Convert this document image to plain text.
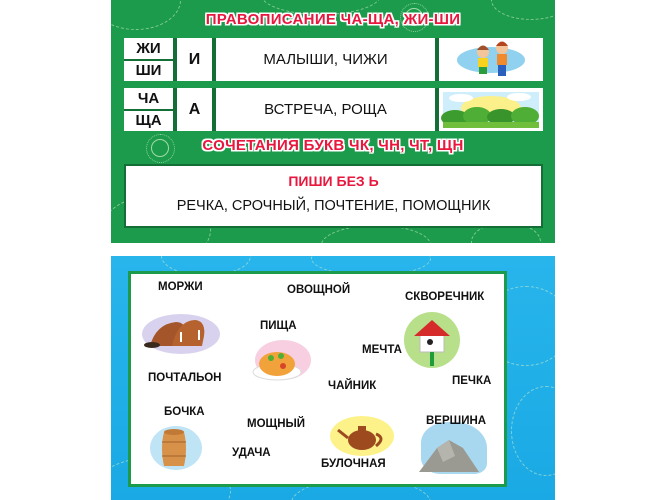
ПРАВОПИСАНИЕ ЧА-ЩА, ЖИ-ШИ
СОЧЕТАНИЯ БУКВ ЧК, ЧН, ЧТ, ЩН
ЖИ
ШИ
И	МАЛЫШИ, ЧИЖИ
ЧА
ЩА
А	ВСТРЕЧА, РОЩА
ПИШИ БЕЗ Ь
РЕЧКА, СРОЧНЫЙ, ПОЧТЕНИЕ, ПОМОЩНИК
МОРЖИ	ОВОЩНОЙ
СКВОРЕЧНИК
ПИЩА
МЕЧТА
ПОЧТАЛЬОН
ЧАЙНИК	ПЕЧКА
БОЧКА
МОЩНЫЙ	ВЕРШИНА
УДАЧА
БУЛОЧНАЯ
